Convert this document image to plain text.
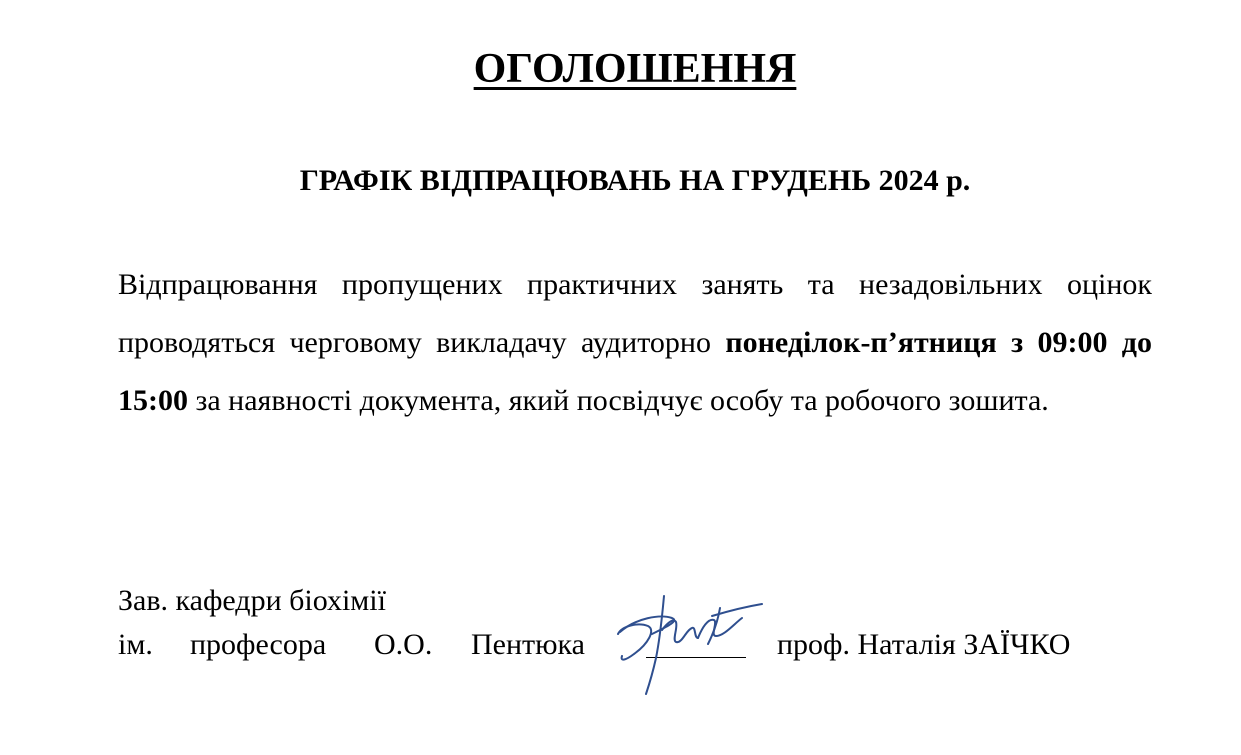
ОГОЛОШЕННЯ
ГРАФІК ВІДПРАЦЮВАНЬ НА ГРУДЕНЬ 2024 р.

Відпрацювання пропущених практичних занять та незадовільних оцінок проводяться черговому викладачу аудиторно понеділок-п’ятниця з 09:00 до 15:00 за наявності документа, який посвідчує особу та робочого зошита.

Зав. кафедри біохімії

ім. професора О.О. Пентюка	проф. Наталія ЗАЇЧКО
